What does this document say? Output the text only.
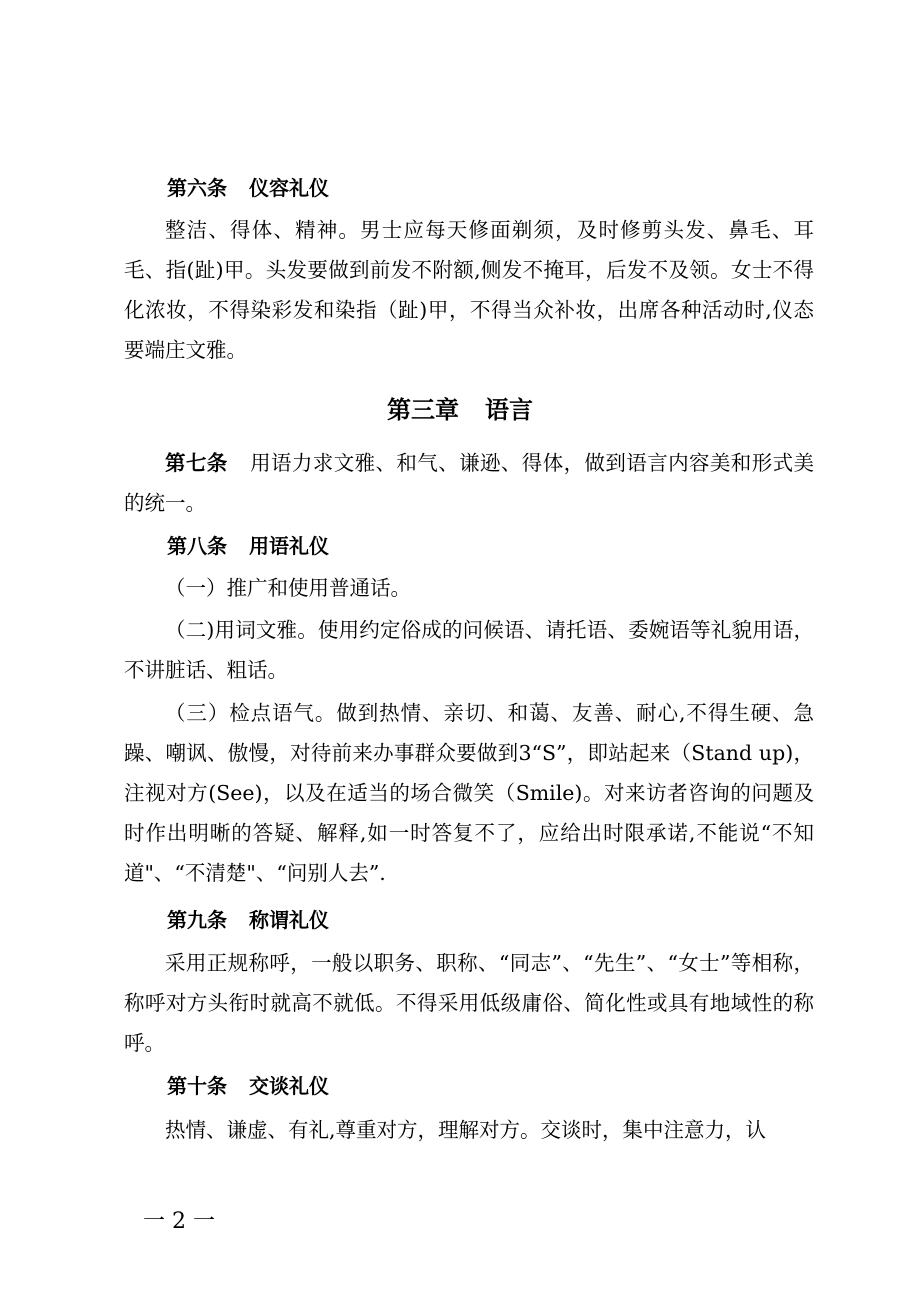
第六条 仪容礼仪
整洁、得体、精神。男士应每天修面剃须，及时修剪头发、鼻毛、耳毛、指(趾)甲。头发要做到前发不附额,侧发不掩耳，后发不及领。女士不得化浓妆，不得染彩发和染指（趾)甲，不得当众补妆，出席各种活动时,仪态要端庄文雅。
第三章 语言
第七条 用语力求文雅、和气、谦逊、得体，做到语言内容美和形式美的统一。
第八条 用语礼仪
（一）推广和使用普通话。
（二)用词文雅。使用约定俗成的问候语、请托语、委婉语等礼貌用语，不讲脏话、粗话。
（三）检点语气。做到热情、亲切、和蔼、友善、耐心,不得生硬、急躁、嘲讽、傲慢，对待前来办事群众要做到3“S”，即站起来（Stand up)，注视对方(See)，以及在适当的场合微笑（Smile)。对来访者咨询的问题及时作出明晰的答疑、解释,如一时答复不了，应给出时限承诺,不能说“不知道"、“不清楚"、“问别人去”.
第九条 称谓礼仪
采用正规称呼，一般以职务、职称、“同志”、“先生”、“女士”等相称，称呼对方头衔时就高不就低。不得采用低级庸俗、简化性或具有地域性的称呼。
第十条 交谈礼仪
热情、谦虚、有礼,尊重对方，理解对方。交谈时，集中注意力，认
一 2 一
